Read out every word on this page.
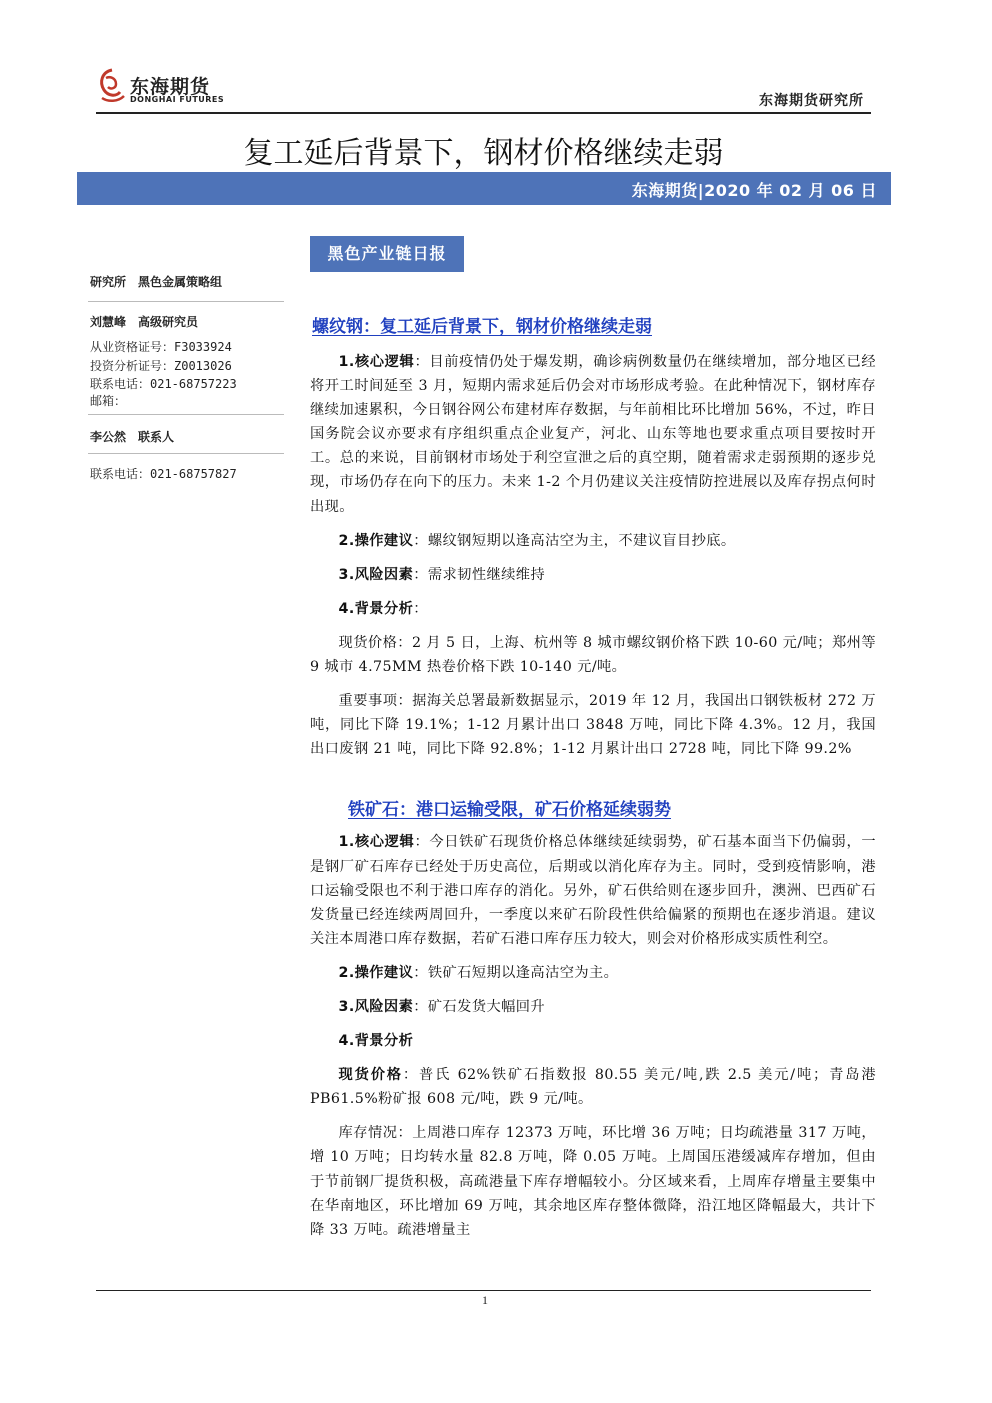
东海期货
DONGHAI FUTURES	东海期货研究所
复工延后背景下，钢材价格继续走弱
东海期货|2020 年 02 月 06 日
黑色产业链日报
研究所 黑色金属策略组
刘慧峰 高级研究员
从业资格证号：F3033924
投资分析证号：Z0013026
联系电话：021-68757223
邮箱：
李公然 联系人
联系电话：021-68757827
螺纹钢：复工延后背景下，钢材价格继续走弱

1.核心逻辑：目前疫情仍处于爆发期，确诊病例数量仍在继续增加，部分地区已经将开工时间延至 3 月，短期内需求延后仍会对市场形成考验。在此种情况下，钢材库存继续加速累积，今日钢谷网公布建材库存数据，与年前相比环比增加 56%，不过，昨日国务院会议亦要求有序组织重点企业复产，河北、山东等地也要求重点项目要按时开工。总的来说，目前钢材市场处于利空宣泄之后的真空期，随着需求走弱预期的逐步兑现，市场仍存在向下的压力。未来 1-2 个月仍建议关注疫情防控进展以及库存拐点何时出现。

2.操作建议：螺纹钢短期以逢高沽空为主，不建议盲目抄底。

3.风险因素：需求韧性继续维持

4.背景分析：

现货价格：2 月 5 日，上海、杭州等 8 城市螺纹钢价格下跌 10-60 元/吨；郑州等 9 城市 4.75MM 热卷价格下跌 10-140 元/吨。

重要事项：据海关总署最新数据显示，2019 年 12 月，我国出口钢铁板材 272 万吨，同比下降 19.1%；1-12 月累计出口 3848 万吨，同比下降 4.3%。12 月，我国出口废钢 21 吨，同比下降 92.8%；1-12 月累计出口 2728 吨，同比下降 99.2%

铁矿石：港口运输受限，矿石价格延续弱势

1.核心逻辑：今日铁矿石现货价格总体继续延续弱势，矿石基本面当下仍偏弱，一是钢厂矿石库存已经处于历史高位，后期或以消化库存为主。同时，受到疫情影响，港口运输受限也不利于港口库存的消化。另外，矿石供给则在逐步回升，澳洲、巴西矿石发货量已经连续两周回升，一季度以来矿石阶段性供给偏紧的预期也在逐步消退。建议关注本周港口库存数据，若矿石港口库存压力较大，则会对价格形成实质性利空。

2.操作建议：铁矿石短期以逢高沽空为主。

3.风险因素：矿石发货大幅回升

4.背景分析

现货价格：普氏 62%铁矿石指数报 80.55 美元/吨,跌 2.5 美元/吨；青岛港 PB61.5%粉矿报 608 元/吨，跌 9 元/吨。

库存情况：上周港口库存 12373 万吨，环比增 36 万吨；日均疏港量 317 万吨，增 10 万吨；日均转水量 82.8 万吨，降 0.05 万吨。上周国压港缓减库存增加，但由于节前钢厂提货积极，高疏港量下库存增幅较小。分区域来看，上周库存增量主要集中在华南地区，环比增加 69 万吨，其余地区库存整体微降，沿江地区降幅最大，共计下降 33 万吨。疏港增量主

1
